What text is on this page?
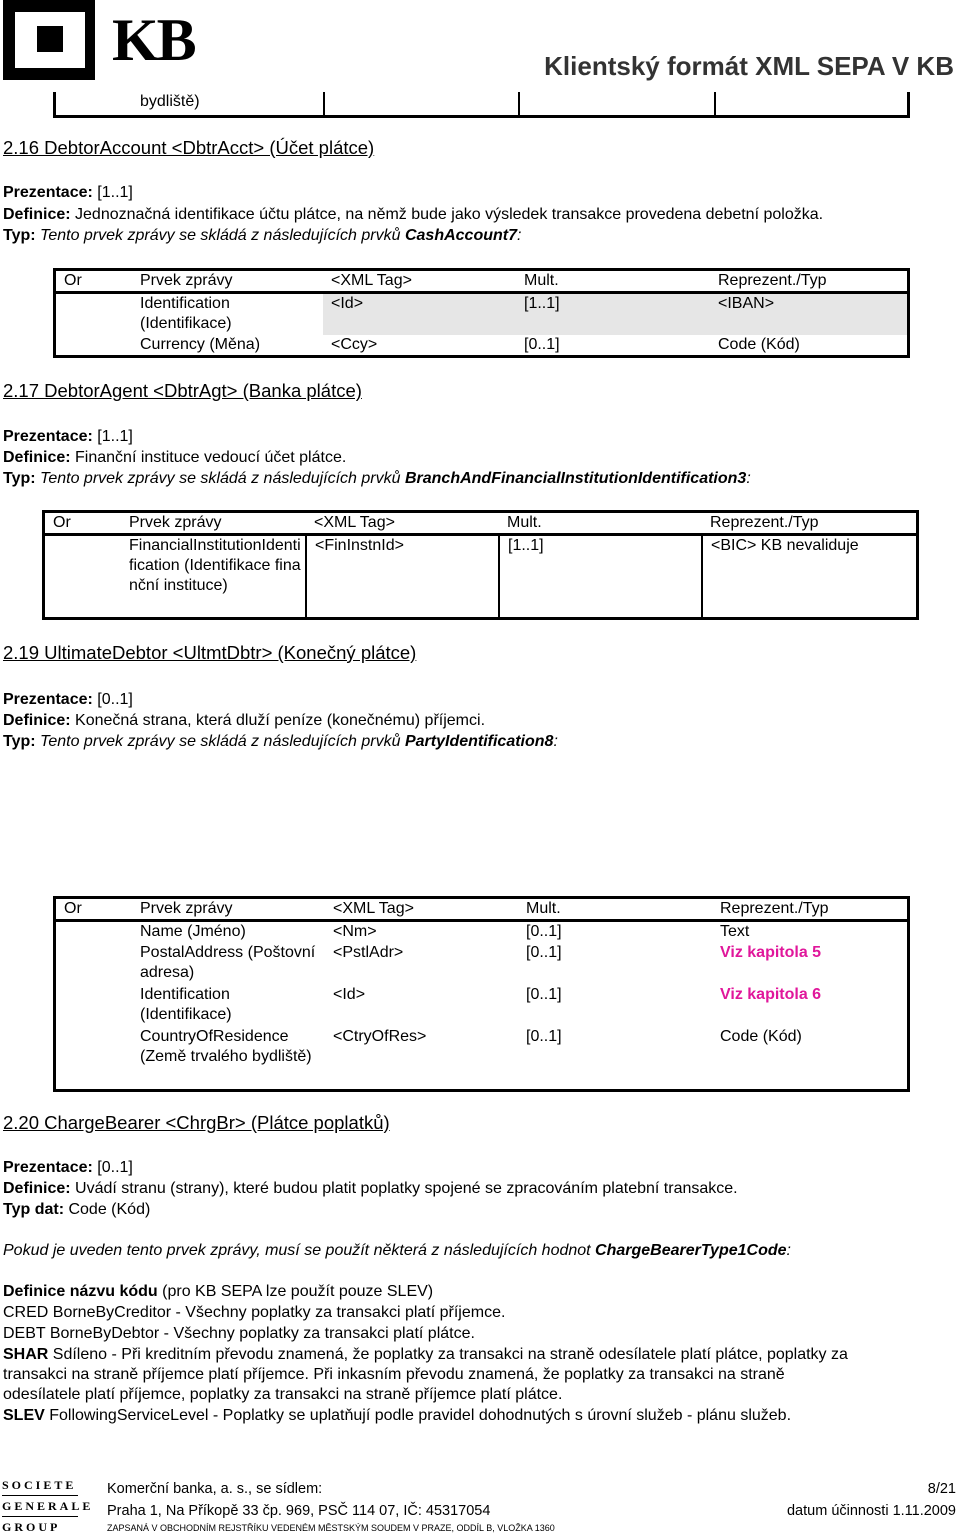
KB	Klientský formát XML SEPA V KB
	bydliště)			
2.16 DebtorAccount <DbtrAcct> (Účet plátce)
Prezentace: [1..1]
Definice: Jednoznačná identifikace účtu plátce, na němž bude jako výsledek transakce provedena debetní položka.
Typ: Tento prvek zprávy se skládá z následujících prvků CashAccount7:
Or	Prvek zprávy	<XML Tag>	Mult.	Reprezent./Typ
	Identification (Identifikace)	<Id>	[1..1]	<IBAN>
	Currency (Měna)	<Ccy>	[0..1]	Code (Kód)
2.17 DebtorAgent <DbtrAgt> (Banka plátce)
Prezentace: [1..1]
Definice: Finanční instituce vedoucí účet plátce.
Typ: Tento prvek zprávy se skládá z následujících prvků BranchAndFinancialInstitutionIdentification3:
Or	Prvek zprávy	<XML Tag>	Mult.	Reprezent./Typ
	FinancialInstitutionIdentification (Identifikace finanční instituce)	<FinInstnId>	[1..1]	<BIC> KB nevaliduje
2.19 UltimateDebtor <UltmtDbtr> (Konečný plátce)
Prezentace: [0..1]
Definice: Konečná strana, která dluží peníze (konečnému) příjemci.
Typ: Tento prvek zprávy se skládá z následujících prvků PartyIdentification8:
Or	Prvek zprávy	<XML Tag>	Mult.	Reprezent./Typ
	Name (Jméno)	<Nm>	[0..1]	Text
	PostalAddress (Poštovní adresa)	<PstlAdr>	[0..1]	Viz kapitola 5
	Identification (Identifikace)	<Id>	[0..1]	Viz kapitola 6
	CountryOfResidence (Země trvalého bydliště)	<CtryOfRes>	[0..1]	Code (Kód)
2.20 ChargeBearer <ChrgBr> (Plátce poplatků)
Prezentace: [0..1]
Definice: Uvádí stranu (strany), které budou platit poplatky spojené se zpracováním platební transakce.
Typ dat: Code (Kód)
Pokud je uveden tento prvek zprávy, musí se použít některá z následujících hodnot ChargeBearerType1Code:
Definice názvu kódu (pro KB SEPA lze použít pouze SLEV)
CRED BorneByCreditor - Všechny poplatky za transakci platí příjemce.
DEBT BorneByDebtor - Všechny poplatky za transakci platí plátce.
SHAR Sdíleno - Při kreditním převodu znamená, že poplatky za transakci na straně odesílatele platí plátce, poplatky za
transakci na straně příjemce platí příjemce. Při inkasním převodu znamená, že poplatky za transakci na straně
odesílatele platí příjemce, poplatky za transakci na straně příjemce platí plátce.
SLEV FollowingServiceLevel - Poplatky se uplatňují podle pravidel dohodnutých s úrovní služeb - plánu služeb.
SOCIETE
GENERALE
GROUP
Komerční banka, a. s., se sídlem:
Praha 1, Na Příkopě 33 čp. 969, PSČ 114 07, IČ: 45317054
ZAPSANÁ V OBCHODNÍM REJSTŘÍKU VEDENÉM MĚSTSKÝM SOUDEM V PRAZE, ODDÍL B, VLOŽKA 1360
8/21
datum účinnosti 1.11.2009
